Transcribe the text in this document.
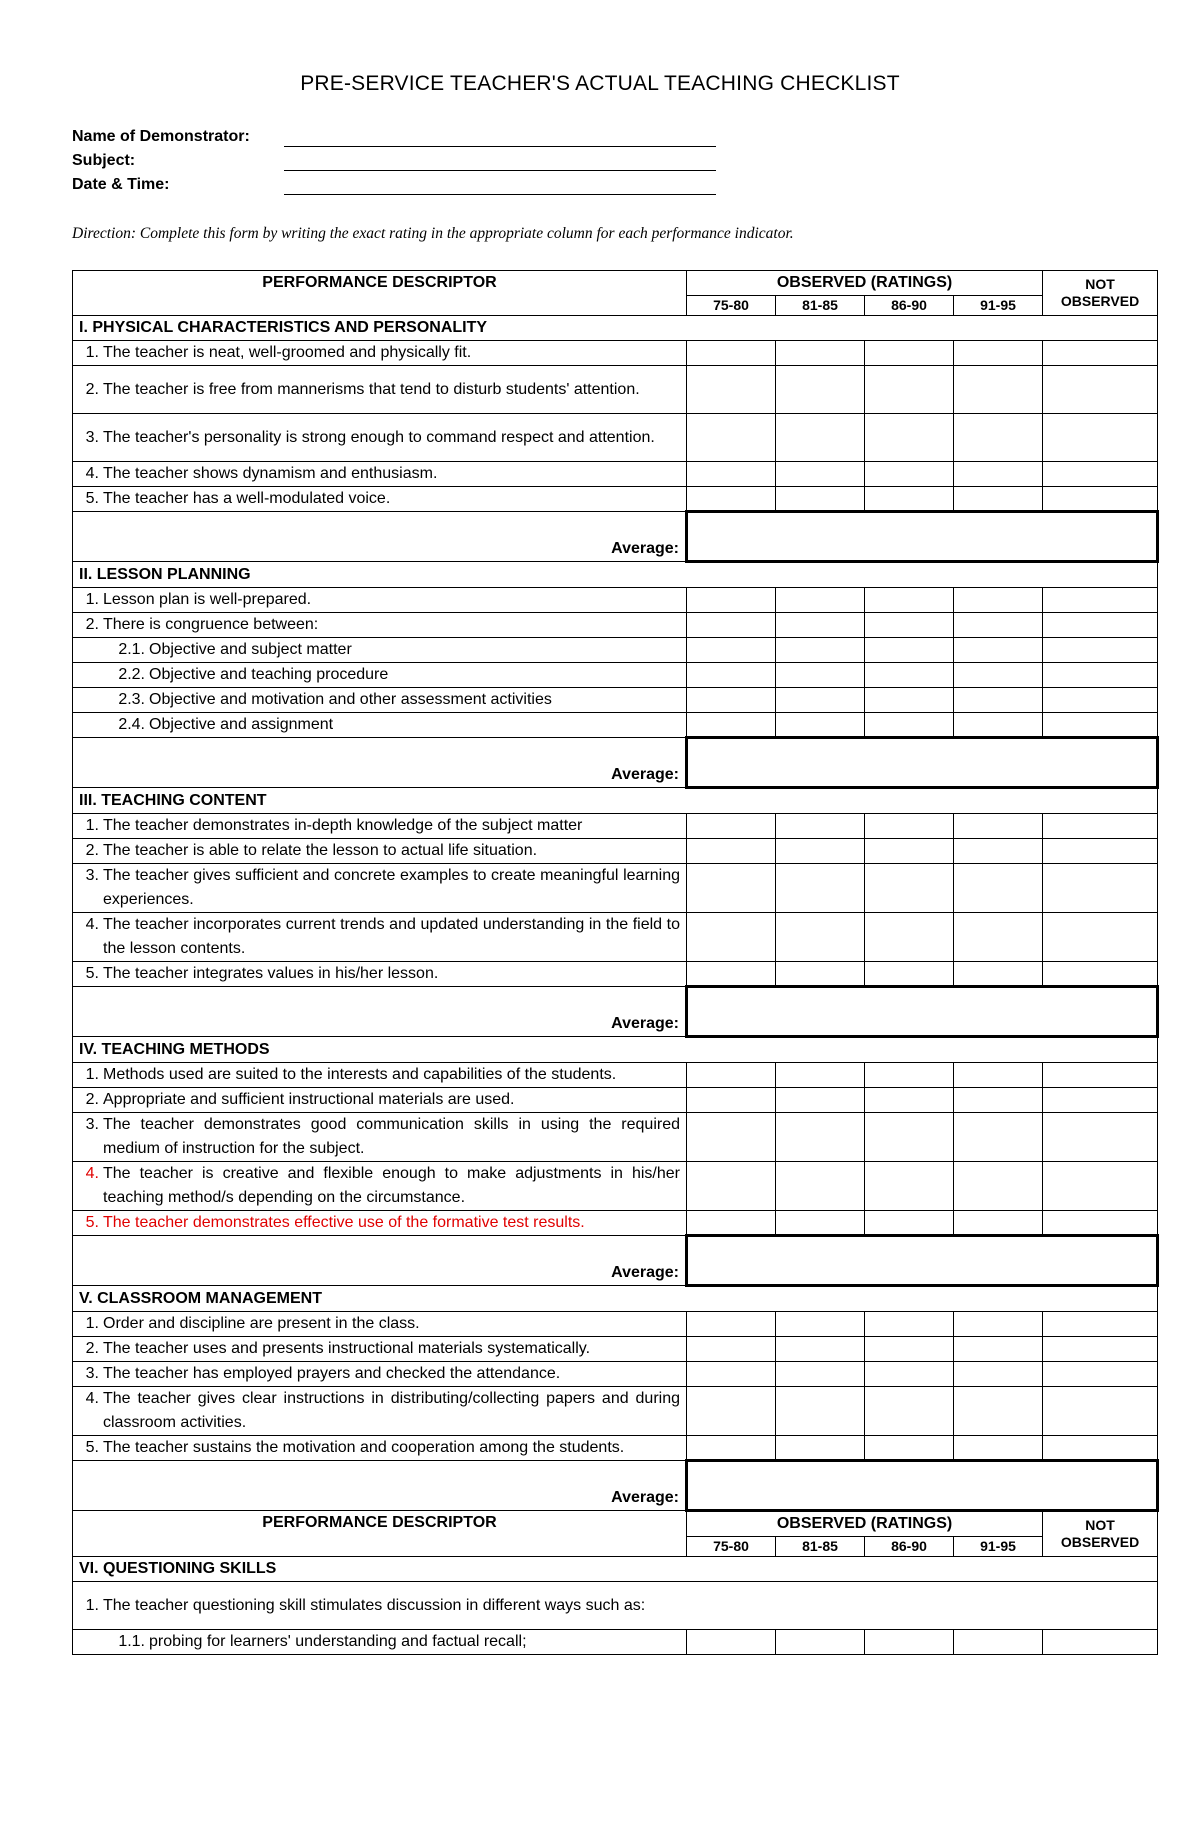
PRE-SERVICE TEACHER'S ACTUAL TEACHING CHECKLIST
Name of Demonstrator:
Subject:
Date & Time:
Direction: Complete this form by writing the exact rating in the appropriate column for each performance indicator.
PERFORMANCE DESCRIPTOR	OBSERVED (RATINGS)				NOT
OBSERVED

	75-80	81-85	86-90	91-95	
I. PHYSICAL CHARACTERISTICS AND PERSONALITY					

1. The teacher is neat, well-groomed and physically fit.					

2. The teacher is free from mannerisms that tend to disturb students' attention.					

3. The teacher's personality is strong enough to command respect and attention.					

4. The teacher shows dynamism and enthusiasm.					

5. The teacher has a well-modulated voice.					

Average:					
II. LESSON PLANNING					

1. Lesson plan is well-prepared.					

2. There is congruence between:					

2.1. Objective and subject matter					

2.2. Objective and teaching procedure					

2.3. Objective and motivation and other assessment activities					

2.4. Objective and assignment					

Average:					
III. TEACHING CONTENT					

1. The teacher demonstrates in-depth knowledge of the subject matter					

2. The teacher is able to relate the lesson to actual life situation.					

3. The teacher gives sufficient and concrete examples to create meaningful learning experiences.					

4. The teacher incorporates current trends and updated understanding in the field to the lesson contents.					

5. The teacher integrates values in his/her lesson.					

Average:					
IV. TEACHING METHODS					

1. Methods used are suited to the interests and capabilities of the students.					

2. Appropriate and sufficient instructional materials are used.					

3. The teacher demonstrates good communication skills in using the required medium of instruction for the subject.					

4. The teacher is creative and flexible enough to make adjustments in his/her teaching method/s depending on the circumstance.					

5. The teacher demonstrates effective use of the formative test results.					

Average:					
V. CLASSROOM MANAGEMENT					

1. Order and discipline are present in the class.					

2. The teacher uses and presents instructional materials systematically.					

3. The teacher has employed prayers and checked the attendance.					

4. The teacher gives clear instructions in distributing/collecting papers and during classroom activities.					

5. The teacher sustains the motivation and cooperation among the students.					

Average:					
PERFORMANCE DESCRIPTOR	OBSERVED (RATINGS)				NOT
OBSERVED

	75-80	81-85	86-90	91-95	
VI. QUESTIONING SKILLS					

1. The teacher questioning skill stimulates discussion in different ways such as:					

1.1. probing for learners' understanding and factual recall;					
